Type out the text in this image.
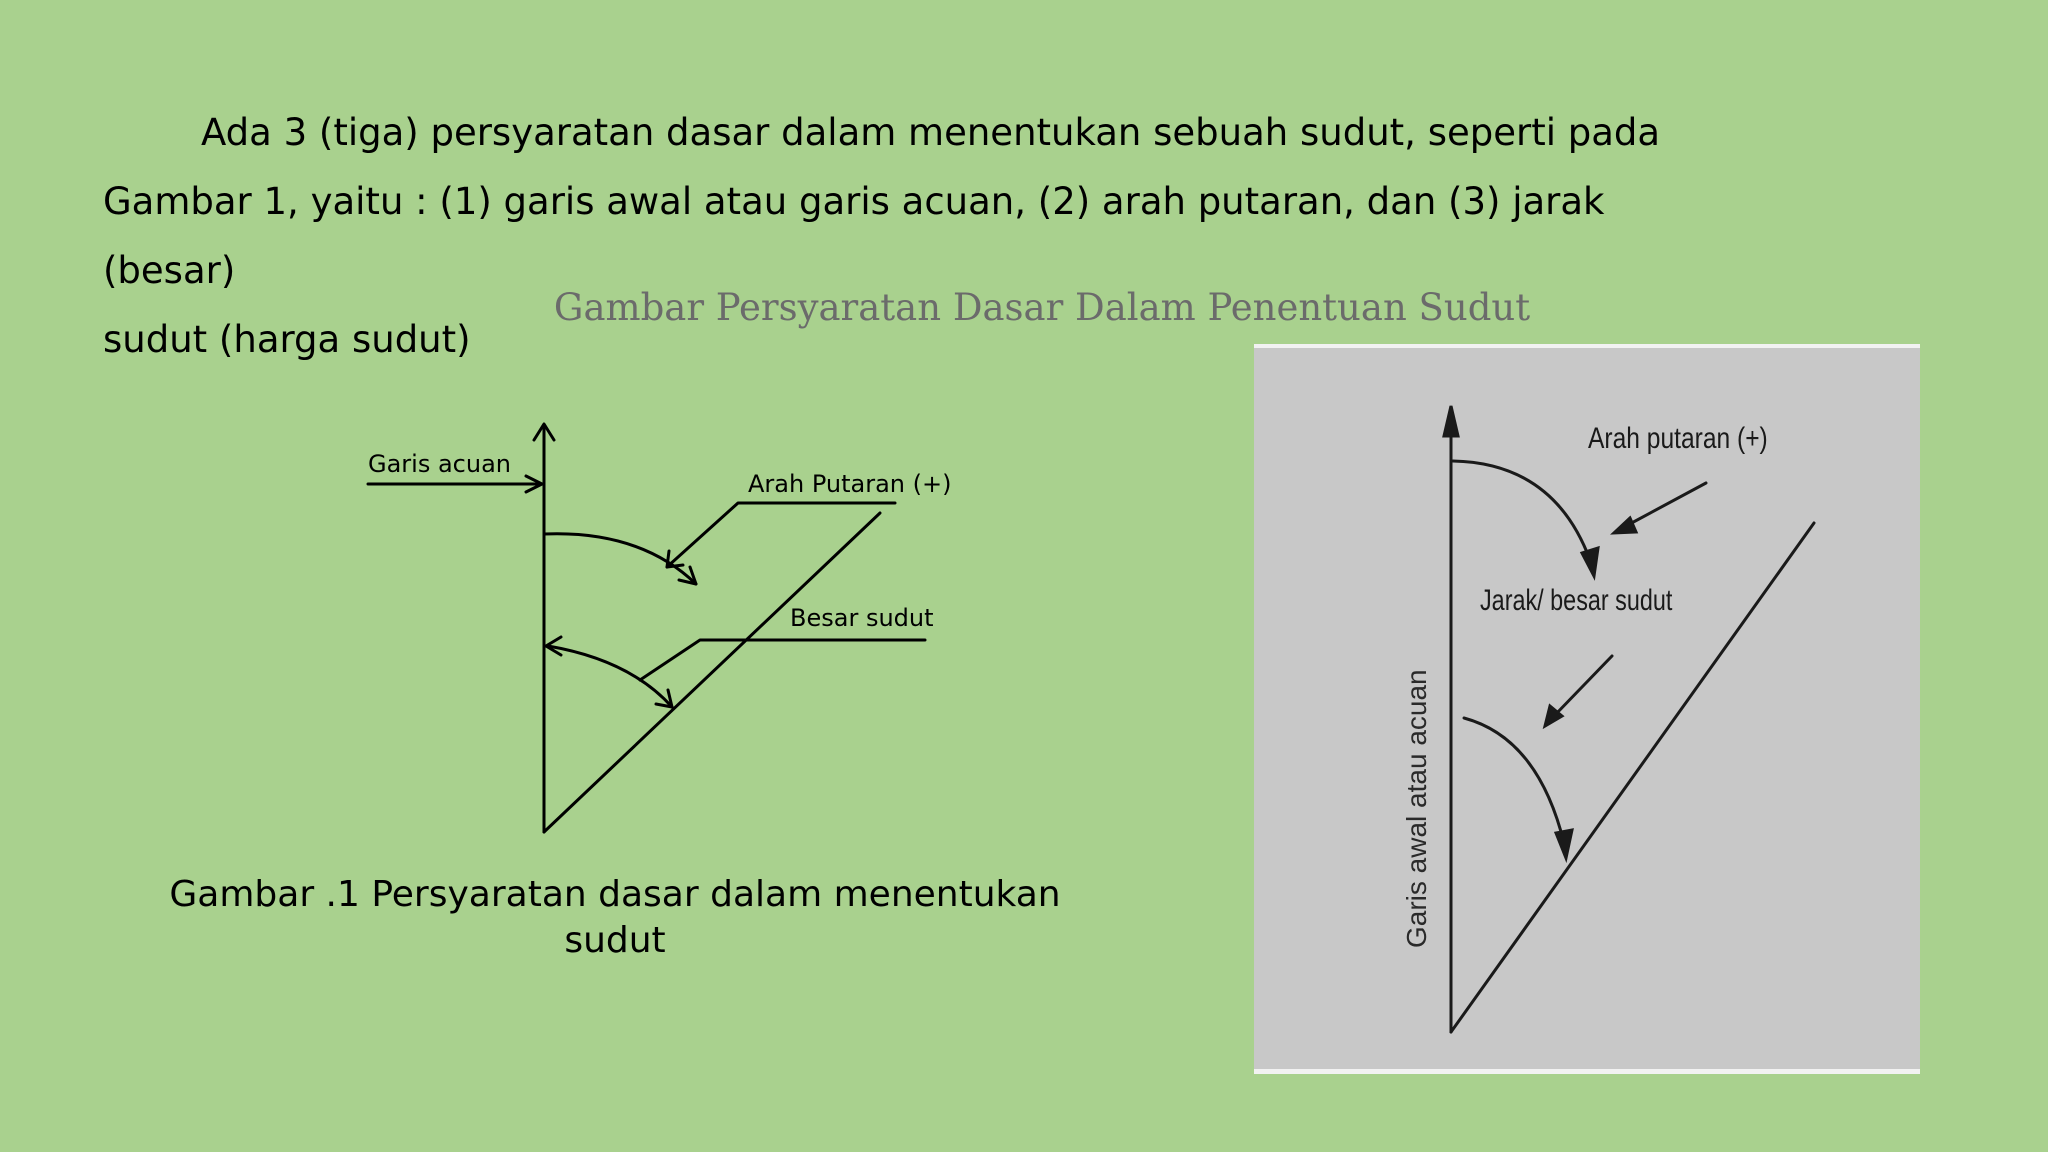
Ada 3 (tiga) persyaratan dasar dalam menentukan sebuah sudut, seperti pada
Gambar 1, yaitu : (1) garis awal atau garis acuan, (2) arah putaran, dan (3) jarak (besar)
sudut (harga sudut)
Gambar Persyaratan Dasar Dalam Penentuan Sudut
Garis acuan
Arah Putaran (+)
Besar sudut
Gambar .1 Persyaratan dasar dalam menentukan
sudut
Arah putaran (+)
Jarak/ besar sudut
Garis awal atau acuan
